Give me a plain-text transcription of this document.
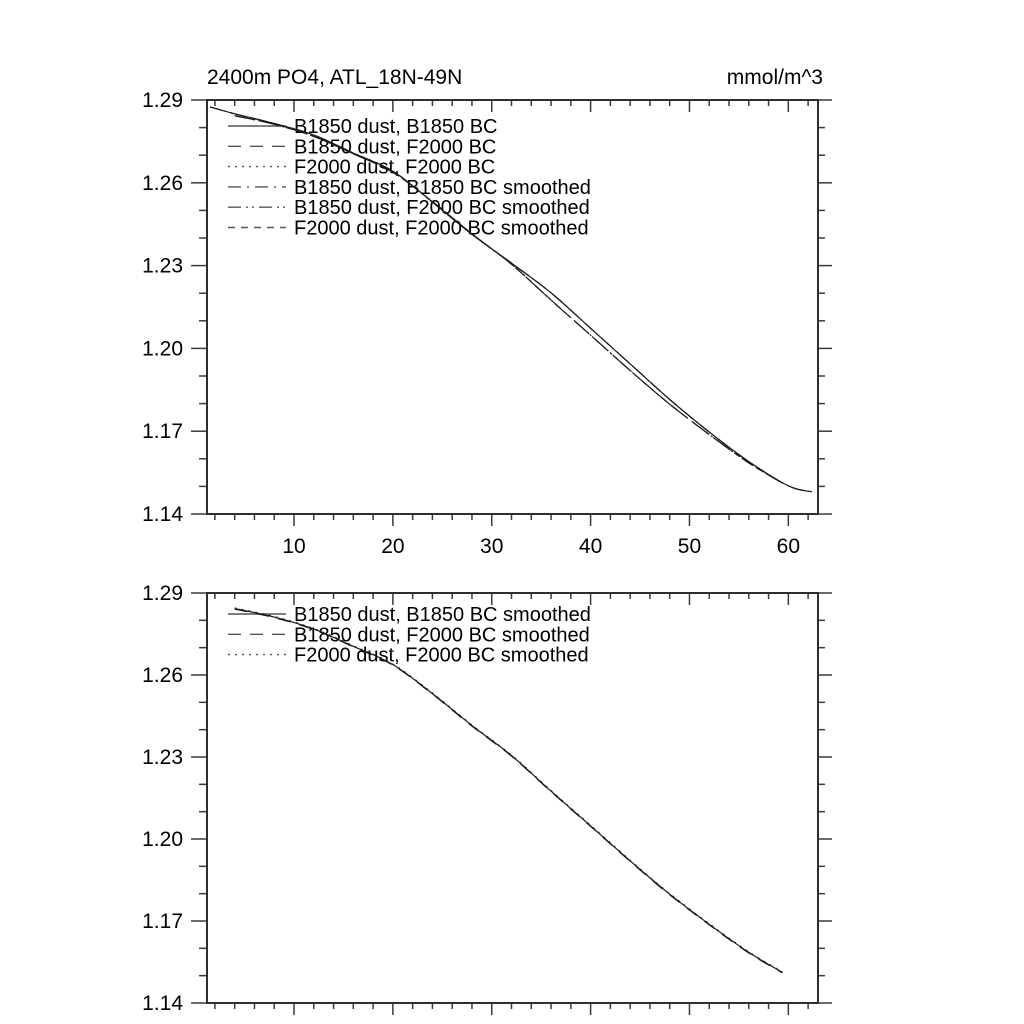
1.14
1.17
1.20
1.23
1.26
1.29
10	20	30	40	50	60
2400m PO4, ATL_18N-49N	mmol/m^3
B1850 dust, B1850 BC
B1850 dust, F2000 BC
F2000 dust, F2000 BC
B1850 dust, B1850 BC smoothed
B1850 dust, F2000 BC smoothed
F2000 dust, F2000 BC smoothed
1.14
1.17
1.20
1.23
1.26
1.29
B1850 dust, B1850 BC smoothed
B1850 dust, F2000 BC smoothed
F2000 dust, F2000 BC smoothed
